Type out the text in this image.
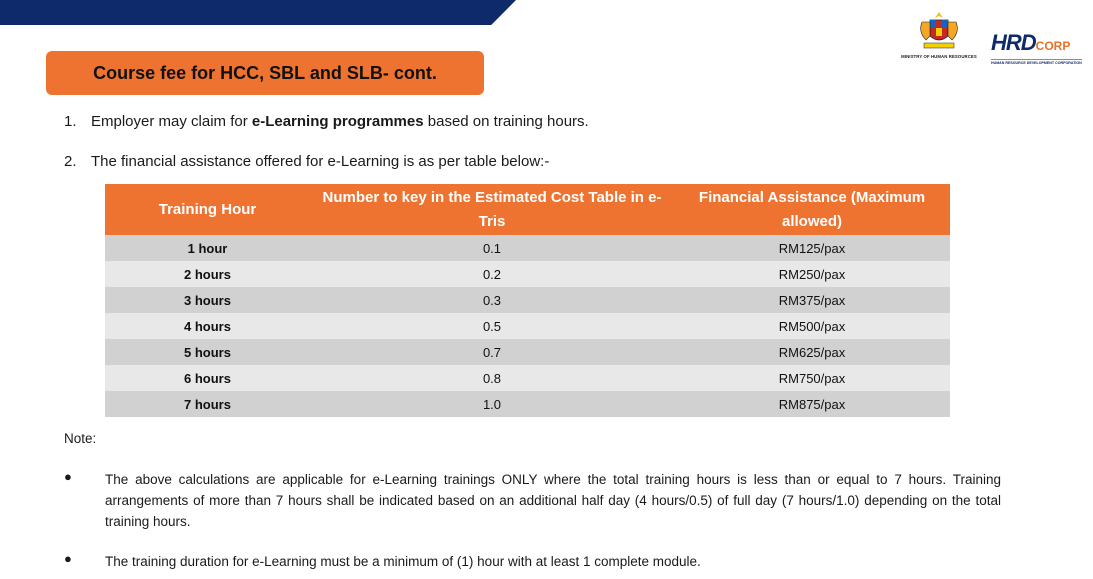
MINISTRY OF HUMAN RESOURCES
HRDCORP
HUMAN RESOURCE DEVELOPMENT CORPORATION
Course fee for HCC, SBL and SLB- cont.
1. Employer may claim for e-Learning programmes based on training hours.
2. The financial assistance offered for e-Learning is as per table below:-
Training Hour	Number to key in the Estimated Cost Table in e-Tris	Financial Assistance (Maximum allowed)
1 hour	0.1	RM125/pax
2 hours	0.2	RM250/pax
3 hours	0.3	RM375/pax
4 hours	0.5	RM500/pax
5 hours	0.7	RM625/pax
6 hours	0.8	RM750/pax
7 hours	1.0	RM875/pax
Note:
● The above calculations are applicable for e-Learning trainings ONLY where the total training hours is less than or equal to 7 hours. Training arrangements of more than 7 hours shall be indicated based on an additional half day (4 hours/0.5) of full day (7 hours/1.0) depending on the total training hours.
● The training duration for e-Learning must be a minimum of (1) hour with at least 1 complete module.
